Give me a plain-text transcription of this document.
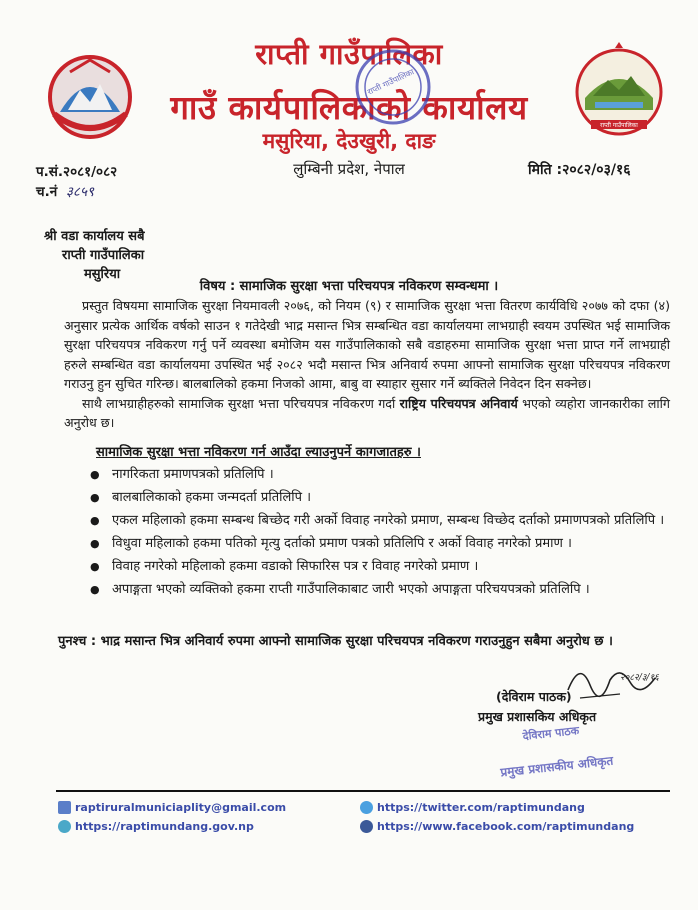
राप्ती गाउँपालिका
राप्ती गाउँपालिका
गाउँ कार्यपालिकाको कार्यालय
मसुरिया, देउखुरी, दाङ
लुम्बिनी प्रदेश, नेपाल
राप्ती गाउँपालिका
प.सं.२०८१/०८२
च.नं ३८५९
मिति :२०८२/०३/१६
श्री वडा कार्यालय सबै
राप्ती गाउँपालिका
मसुरिया
विषय : सामाजिक सुरक्षा भत्ता परिचयपत्र नविकरण सम्वन्धमा ।

प्रस्तुत विषयमा सामाजिक सुरक्षा नियमावली २०७६, को नियम (९) र सामाजिक सुरक्षा भत्ता वितरण कार्यविधि २०७७ को दफा (४) अनुसार प्रत्येक आर्थिक वर्षको साउन १ गतेदेखी भाद्र मसान्त भित्र सम्बन्धित वडा कार्यालयमा लाभग्राही स्वयम उपस्थित भई सामाजिक सुरक्षा परिचयपत्र नविकरण गर्नु पर्ने व्यवस्था बमोजिम यस गाउँपालिकाको सबै वडाहरुमा सामाजिक सुरक्षा भत्ता प्राप्त गर्ने लाभग्राही हरुले सम्बन्धित वडा कार्यालयमा उपस्थित भई २०८२ भदौ मसान्त भित्र अनिवार्य रुपमा आफ्नो सामाजिक सुरक्षा परिचयपत्र नविकरण गराउनु हुन सुचित गरिन्छ। बालबालिको हकमा निजको आमा, बाबु वा स्याहार सुसार गर्ने ब्यक्तिले निवेदन दिन सक्नेछ।

साथै लाभग्राहीहरुको सामाजिक सुरक्षा भत्ता परिचयपत्र नविकरण गर्दा राष्ट्रिय परिचयपत्र अनिवार्य भएको व्यहोरा जानकारीका लागि अनुरोध छ।

सामाजिक सुरक्षा भत्ता नविकरण गर्न आउँदा ल्याउनुपर्ने कागजातहरु ।
● नागरिकता प्रमाणपत्रको प्रतिलिपि ।
● बालबालिकाको हकमा जन्मदर्ता प्रतिलिपि ।
● एकल महिलाको हकमा सम्बन्ध बिच्छेद गरी अर्को विवाह नगरेको प्रमाण, सम्बन्ध विच्छेद दर्ताको प्रमाणपत्रको प्रतिलिपि ।
● विधुवा महिलाको हकमा पतिको मृत्यु दर्ताको प्रमाण पत्रको प्रतिलिपि र अर्को विवाह नगरेको प्रमाण ।
● विवाह नगरेको महिलाको हकमा वडाको सिफारिस पत्र र विवाह नगरेको प्रमाण ।
● अपाङ्गता भएको व्यक्तिको हकमा राप्ती गाउँपालिकाबाट जारी भएको अपाङ्गता परिचयपत्रको प्रतिलिपि ।
पुनश्च : भाद्र मसान्त भित्र अनिवार्य रुपमा आफ्नो सामाजिक सुरक्षा परिचयपत्र नविकरण गराउनुहुन सबैमा अनुरोध छ ।
२०८२/३/१६
(देविराम पाठक)
प्रमुख प्रशासकिय अधिकृत
देविराम पाठक
प्रमुख प्रशासकीय अधिकृत
raptiruralmuniciaplity@gmail.com
https://raptimundang.gov.np
https://twitter.com/raptimundang
https://www.facebook.com/raptimundang
